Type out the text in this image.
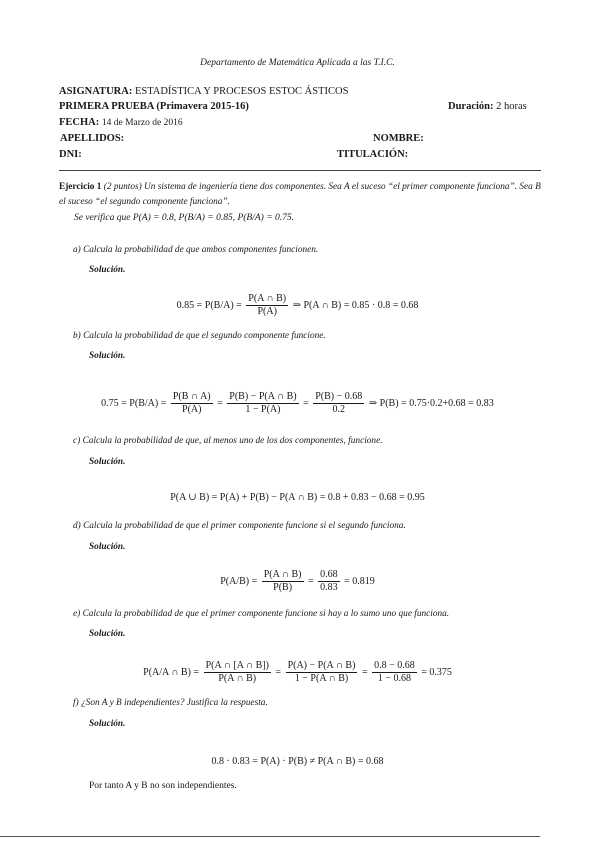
Departamento de Matemática Aplicada a las T.I.C.
ASIGNATURA: ESTADÍSTICA Y PROCESOS ESTOC ÁSTICOS
PRIMERA PRUEBA (Primavera 2015-16)	Duración: 2 horas
FECHA: 14 de Marzo de 2016
APELLIDOS:	NOMBRE:
DNI:	TITULACIÓN:
Ejercicio 1 (2 puntos) Un sistema de ingeniería tiene dos componentes. Sea A el suceso “el primer componente funciona”. Sea B el suceso “el segundo componente funciona”.
Se verifica que P(A) = 0.8, P(B/A) = 0.85, P(B/A) = 0.75.
a) Calcula la probabilidad de que ambos componentes funcionen.
Solución.
$0.85 = P(B/A) = \frac{P(A \cap B)}{P(A)}$ ⇒ P(A ∩ B) = 0.85 · 0.8 = 0.68
b) Calcula la probabilidad de que el segundo componente funcione.
Solución.
$0.75 = P(B/A) = \frac{P(B \cap A)}{P(A)} = \frac{P(B) - P(A \cap B)}{1 - P(A)} = \frac{P(B) - 0.68}{0.2}$ ⇒ P(B) = 0.75·0.2+0.68 = 0.83
c) Calcula la probabilidad de que, al menos uno de los dos componentes, funcione.
Solución.
P(A ∪ B) = P(A) + P(B) − P(A ∩ B) = 0.8 + 0.83 − 0.68 = 0.95
d) Calcula la probabilidad de que el primer componente funcione si el segundo funciona.
Solución.
$P(A/B) = \frac{P(A \cap B)}{P(B)} = \frac{0.68}{0.83} = 0.819$
e) Calcula la probabilidad de que el primer componente funcione si hay a lo sumo uno que funciona.
Solución.
P(A/A ∩ $B) = \frac{P(A \cap [A \cap B])}{P(A \cap B)} = \frac{P(A) - P(A \cap B)}{1 - P(A \cap B)} = \frac{0.8 - 0.68}{1 - 0.68} = 0.375$
f) ¿Son A y B independientes? Justifica la respuesta.
Solución.
0.8 · 0.83 = P(A) · P(B) ≠ P(A ∩ B) = 0.68
Por tanto A y B no son independientes.
